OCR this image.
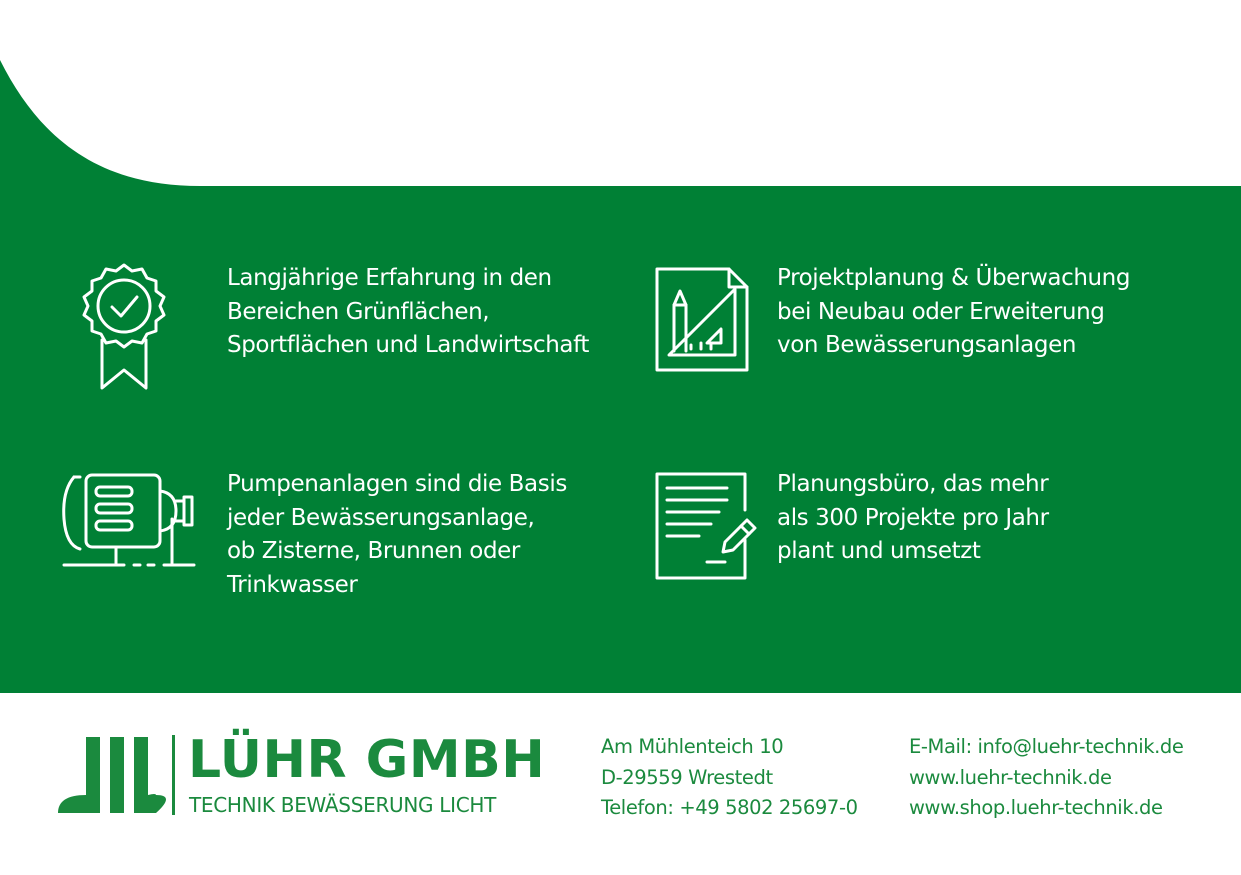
Langjährige Erfahrung in den
Bereichen Grünflächen,
Sportflächen und Landwirtschaft
Projektplanung & Überwachung
bei Neubau oder Erweiterung
von Bewässerungsanlagen
Pumpenanlagen sind die Basis
jeder Bewässerungsanlage,
ob Zisterne, Brunnen oder
Trinkwasser
Planungsbüro, das mehr
als 300 Projekte pro Jahr
plant und umsetzt
LÜHR GMBH
TECHNIK BEWÄSSERUNG LICHT
Am Mühlenteich 10
D-29559 Wrestedt
Telefon: +49 5802 25697-0
E-Mail: info@luehr-technik.de
www.luehr-technik.de
www.shop.luehr-technik.de
